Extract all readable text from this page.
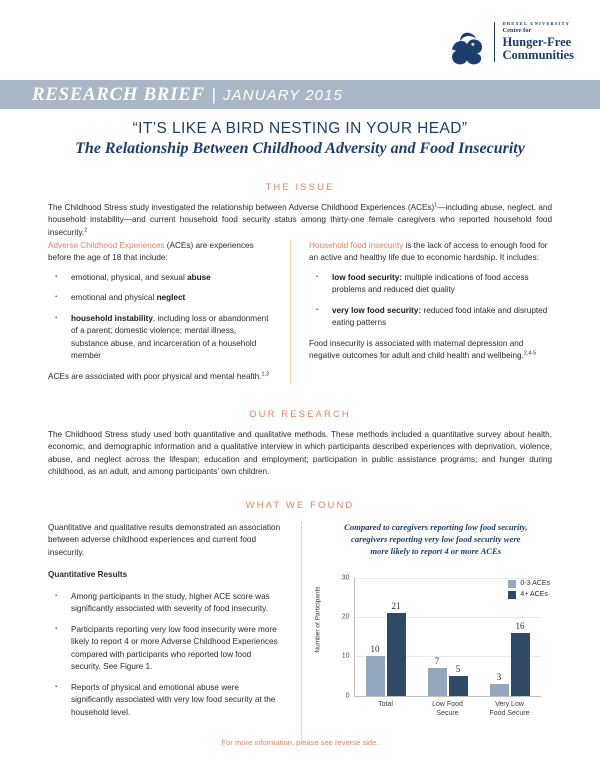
DREXEL UNIVERSITY
Center for
Hunger-Free
Communities
RESEARCH BRIEF | JANUARY 2015
“IT’S LIKE A BIRD NESTING IN YOUR HEAD”
The Relationship Between Childhood Adversity and Food Insecurity
THE ISSUE

The Childhood Stress study investigated the relationship between Adverse Childhood Experiences (ACEs)$^1$—including abuse, neglect, and household instability—and current household food security status among thirty-one female caregivers who reported household food insecurity.$^2$

Adverse Childhood Experiences (ACEs) are experiences before the age of 18 that include:

· emotional, physical, and sexual abuse
· emotional and physical neglect
· household instability, including loss or abandonment of a parent; domestic violence; mental illness, substance abuse, and incarceration of a household member

ACEs are associated with poor physical and mental health.$^{1,3}$

Household food insecurity is the lack of access to enough food for an active and healthy life due to economic hardship. It includes:

· low food security: multiple indications of food access problems and reduced diet quality
· very low food security: reduced food intake and disrupted eating patterns

Food insecurity is associated with maternal depression and negative outcomes for adult and child health and wellbeing.$^{2,4-5}$

OUR RESEARCH

The Childhood Stress study used both quantitative and qualitative methods. These methods included a quantitative survey about health, economic, and demographic information and a qualitative interview in which participants described experiences with deprivation, violence, abuse, and neglect across the lifespan; education and employment; participation in public assistance programs; and hunger during childhood, as an adult, and among participants’ own children.

WHAT WE FOUND

Quantitative and qualitative results demonstrated an association between adverse childhood experiences and current food insecurity.

Quantitative Results

· Among participants in the study, higher ACE score was significantly associated with severity of food insecurity.
· Participants reporting very low food insecurity were more likely to report 4 or more Adverse Childhood Experiences compared with participants who reported low food security. See Figure 1.
· Reports of physical and emotional abuse were significantly associated with very low food security at the household level.
Compared to caregivers reporting low food security,
caregivers reporting very low food security were
more likely to report 4 or more ACEs
Number of Participants
0-3 ACEs
4+ ACEs
0
10
20
30
10
21
Total
7
5
Low Food
Secure
3
16
Very Low
Food Secure
For more information, please see reverse side.
